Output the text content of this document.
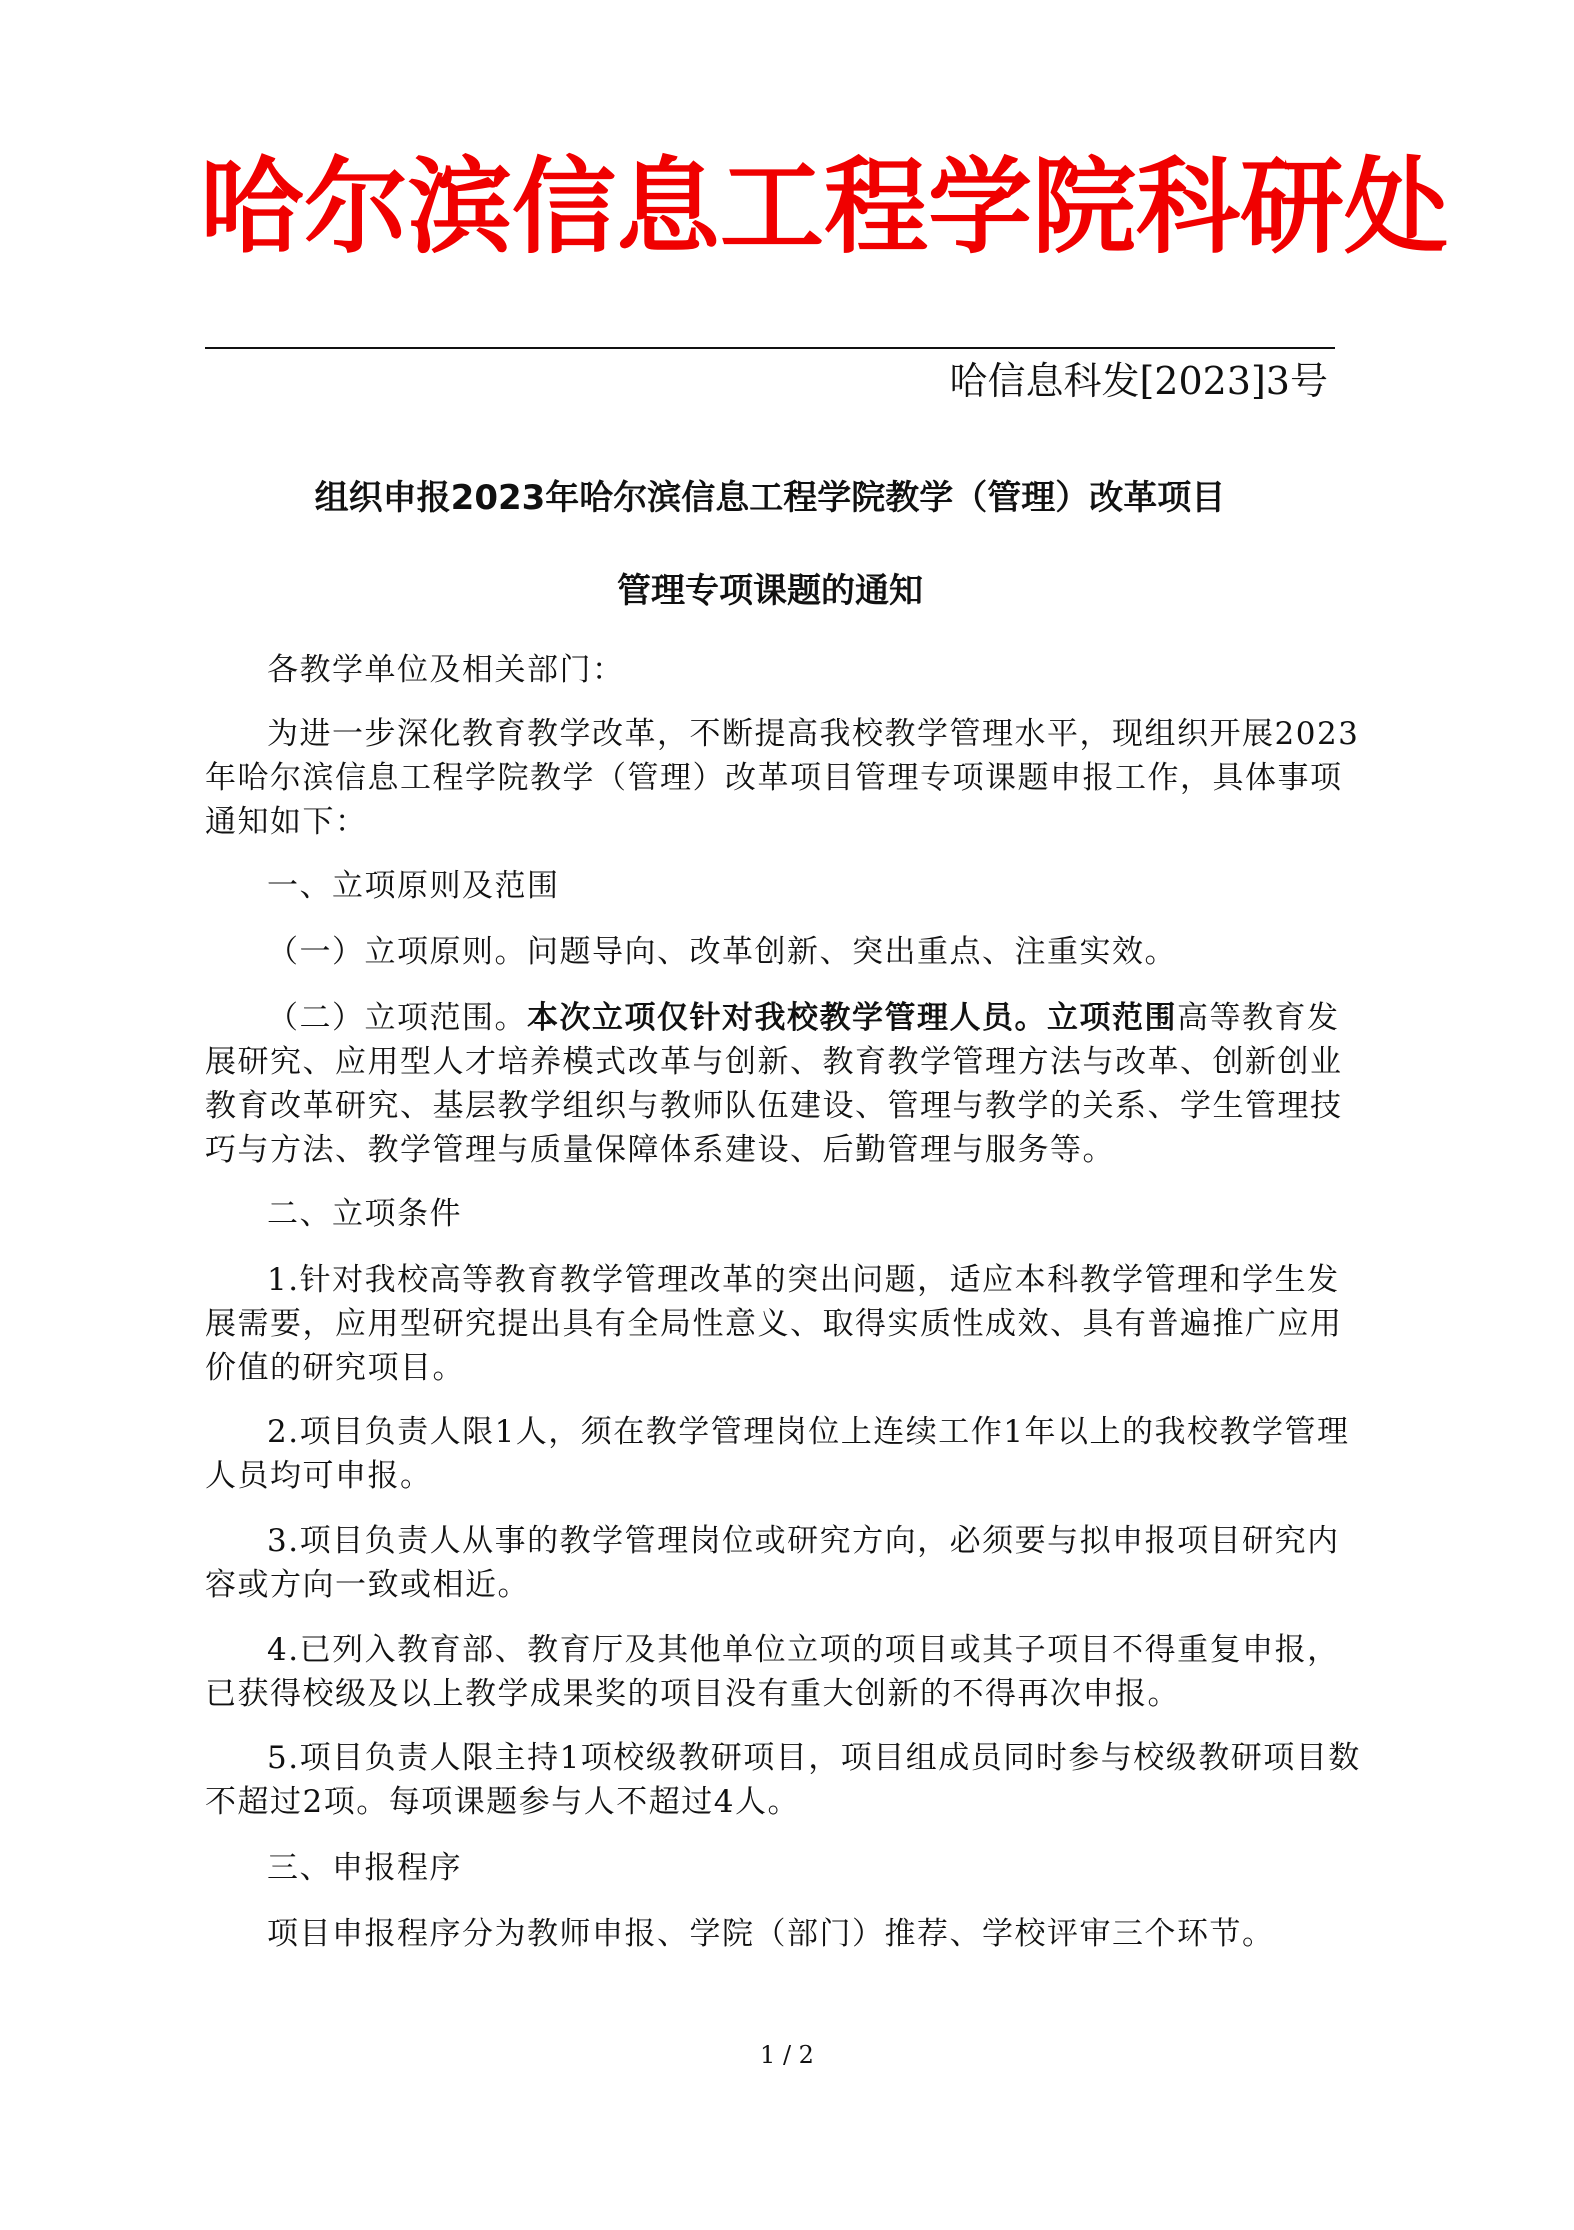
哈尔滨信息工程学院科研处
哈信息科发[2023]3号
组织申报2023年哈尔滨信息工程学院教学（管理）改革项目
管理专项课题的通知

各教学单位及相关部门：

为进一步深化教育教学改革，不断提高我校教学管理水平，现组织开展2023年哈尔滨信息工程学院教学（管理）改革项目管理专项课题申报工作，具体事项通知如下：

一、立项原则及范围

（一）立项原则。问题导向、改革创新、突出重点、注重实效。

（二）立项范围。本次立项仅针对我校教学管理人员。立项范围高等教育发展研究、应用型人才培养模式改革与创新、教育教学管理方法与改革、创新创业教育改革研究、基层教学组织与教师队伍建设、管理与教学的关系、学生管理技巧与方法、教学管理与质量保障体系建设、后勤管理与服务等。

二、立项条件

1.针对我校高等教育教学管理改革的突出问题，适应本科教学管理和学生发展需要，应用型研究提出具有全局性意义、取得实质性成效、具有普遍推广应用价值的研究项目。

2.项目负责人限1人，须在教学管理岗位上连续工作1年以上的我校教学管理人员均可申报。

3.项目负责人从事的教学管理岗位或研究方向，必须要与拟申报项目研究内容或方向一致或相近。

4.已列入教育部、教育厅及其他单位立项的项目或其子项目不得重复申报，已获得校级及以上教学成果奖的项目没有重大创新的不得再次申报。

5.项目负责人限主持1项校级教研项目，项目组成员同时参与校级教研项目数不超过2项。每项课题参与人不超过4人。

三、申报程序

项目申报程序分为教师申报、学院（部门）推荐、学校评审三个环节。

1 / 2
